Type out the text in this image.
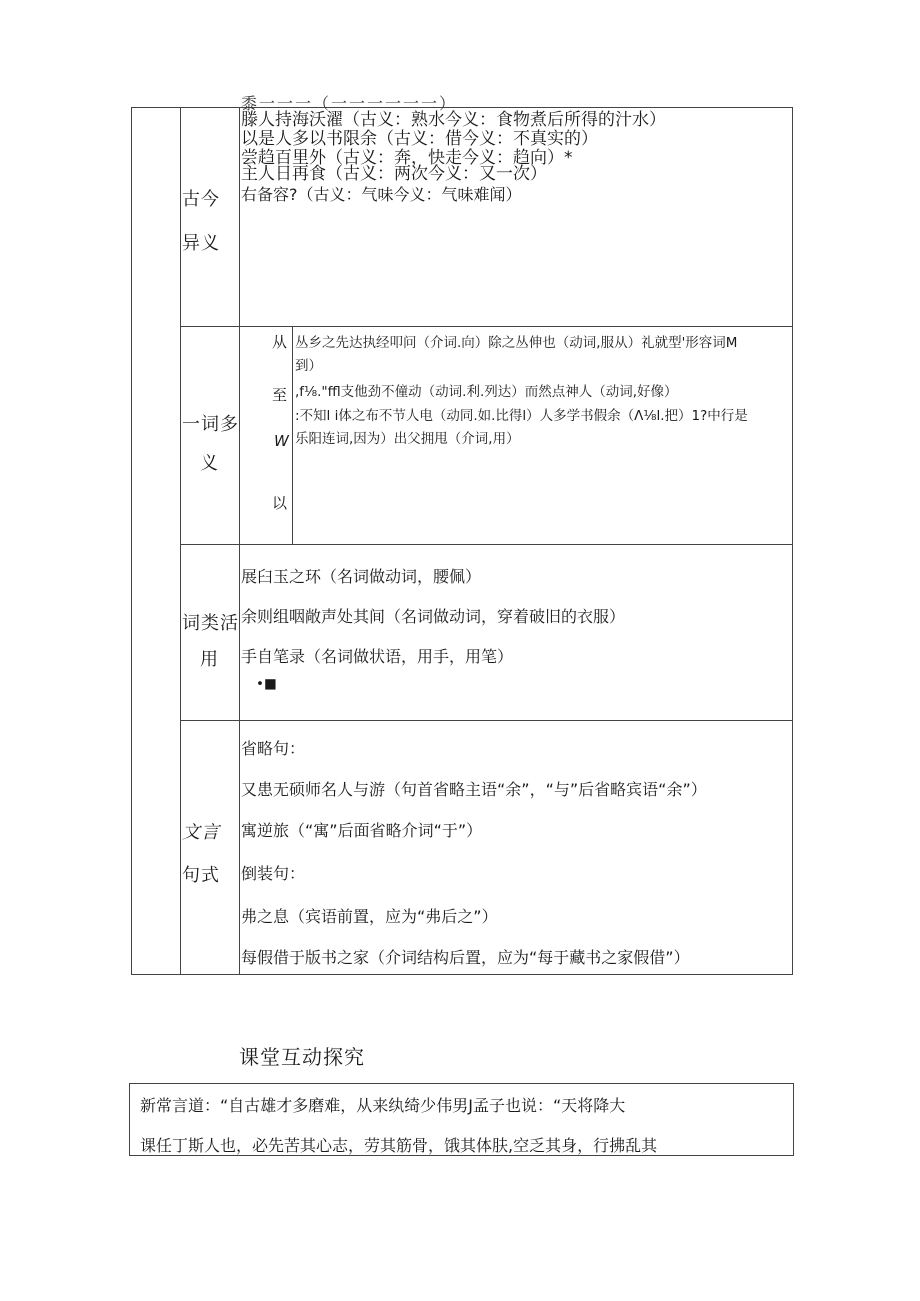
古今
异义
黍一一一（一一一一一一）
滕人持海沃濯（古义：熟水今义：食物煮后所得的汁水）
以是人多以书限余（古义：借今义：不真实的）
尝趋百里外（古义：奔，快走今义：趋向）*
主人日再食（古义：两次今义：又一次）
右备容?（古义：气味今义：气味难闻）
一词多
义
从
至
W
以
丛乡之先达执经叩问（介词.向）除之丛伸也（动词,服从）礼就型'形容词M
到）
,f⅛."ffl支他劲不僮动（动词.利.列达）而然点神人（动词,好像）
:不知l i体之布不节人电（动同.如.比得l）人多学书假余（Λ⅛l.把）1?中行是
乐阳连词,因为）出父拥甩（介词,用）
词类活
用
展臼玉之环（名词做动词，腰佩）
余则组咽敞声处其间（名词做动词，穿着破旧的衣服）
手自笔录（名词做状语，用手，用笔）
•■
文言
句式
省略句：
又患无硕师名人与游（句首省略主语“余”，“与”后省略宾语“余”）
寓逆旅（“寓”后面省略介词“于”）
倒装句：
弗之息（宾语前置，应为“弗后之”）
每假借于版书之家（介词结构后置，应为“每于藏书之家假借”）
课堂互动探究
新常言道：“自古雄才多磨难，从来纨绮少伟男J孟子也说：“天将降大
课任丁斯人也，必先苦其心志，劳其筋骨，饿其体肤,空乏其身，行拂乱其
